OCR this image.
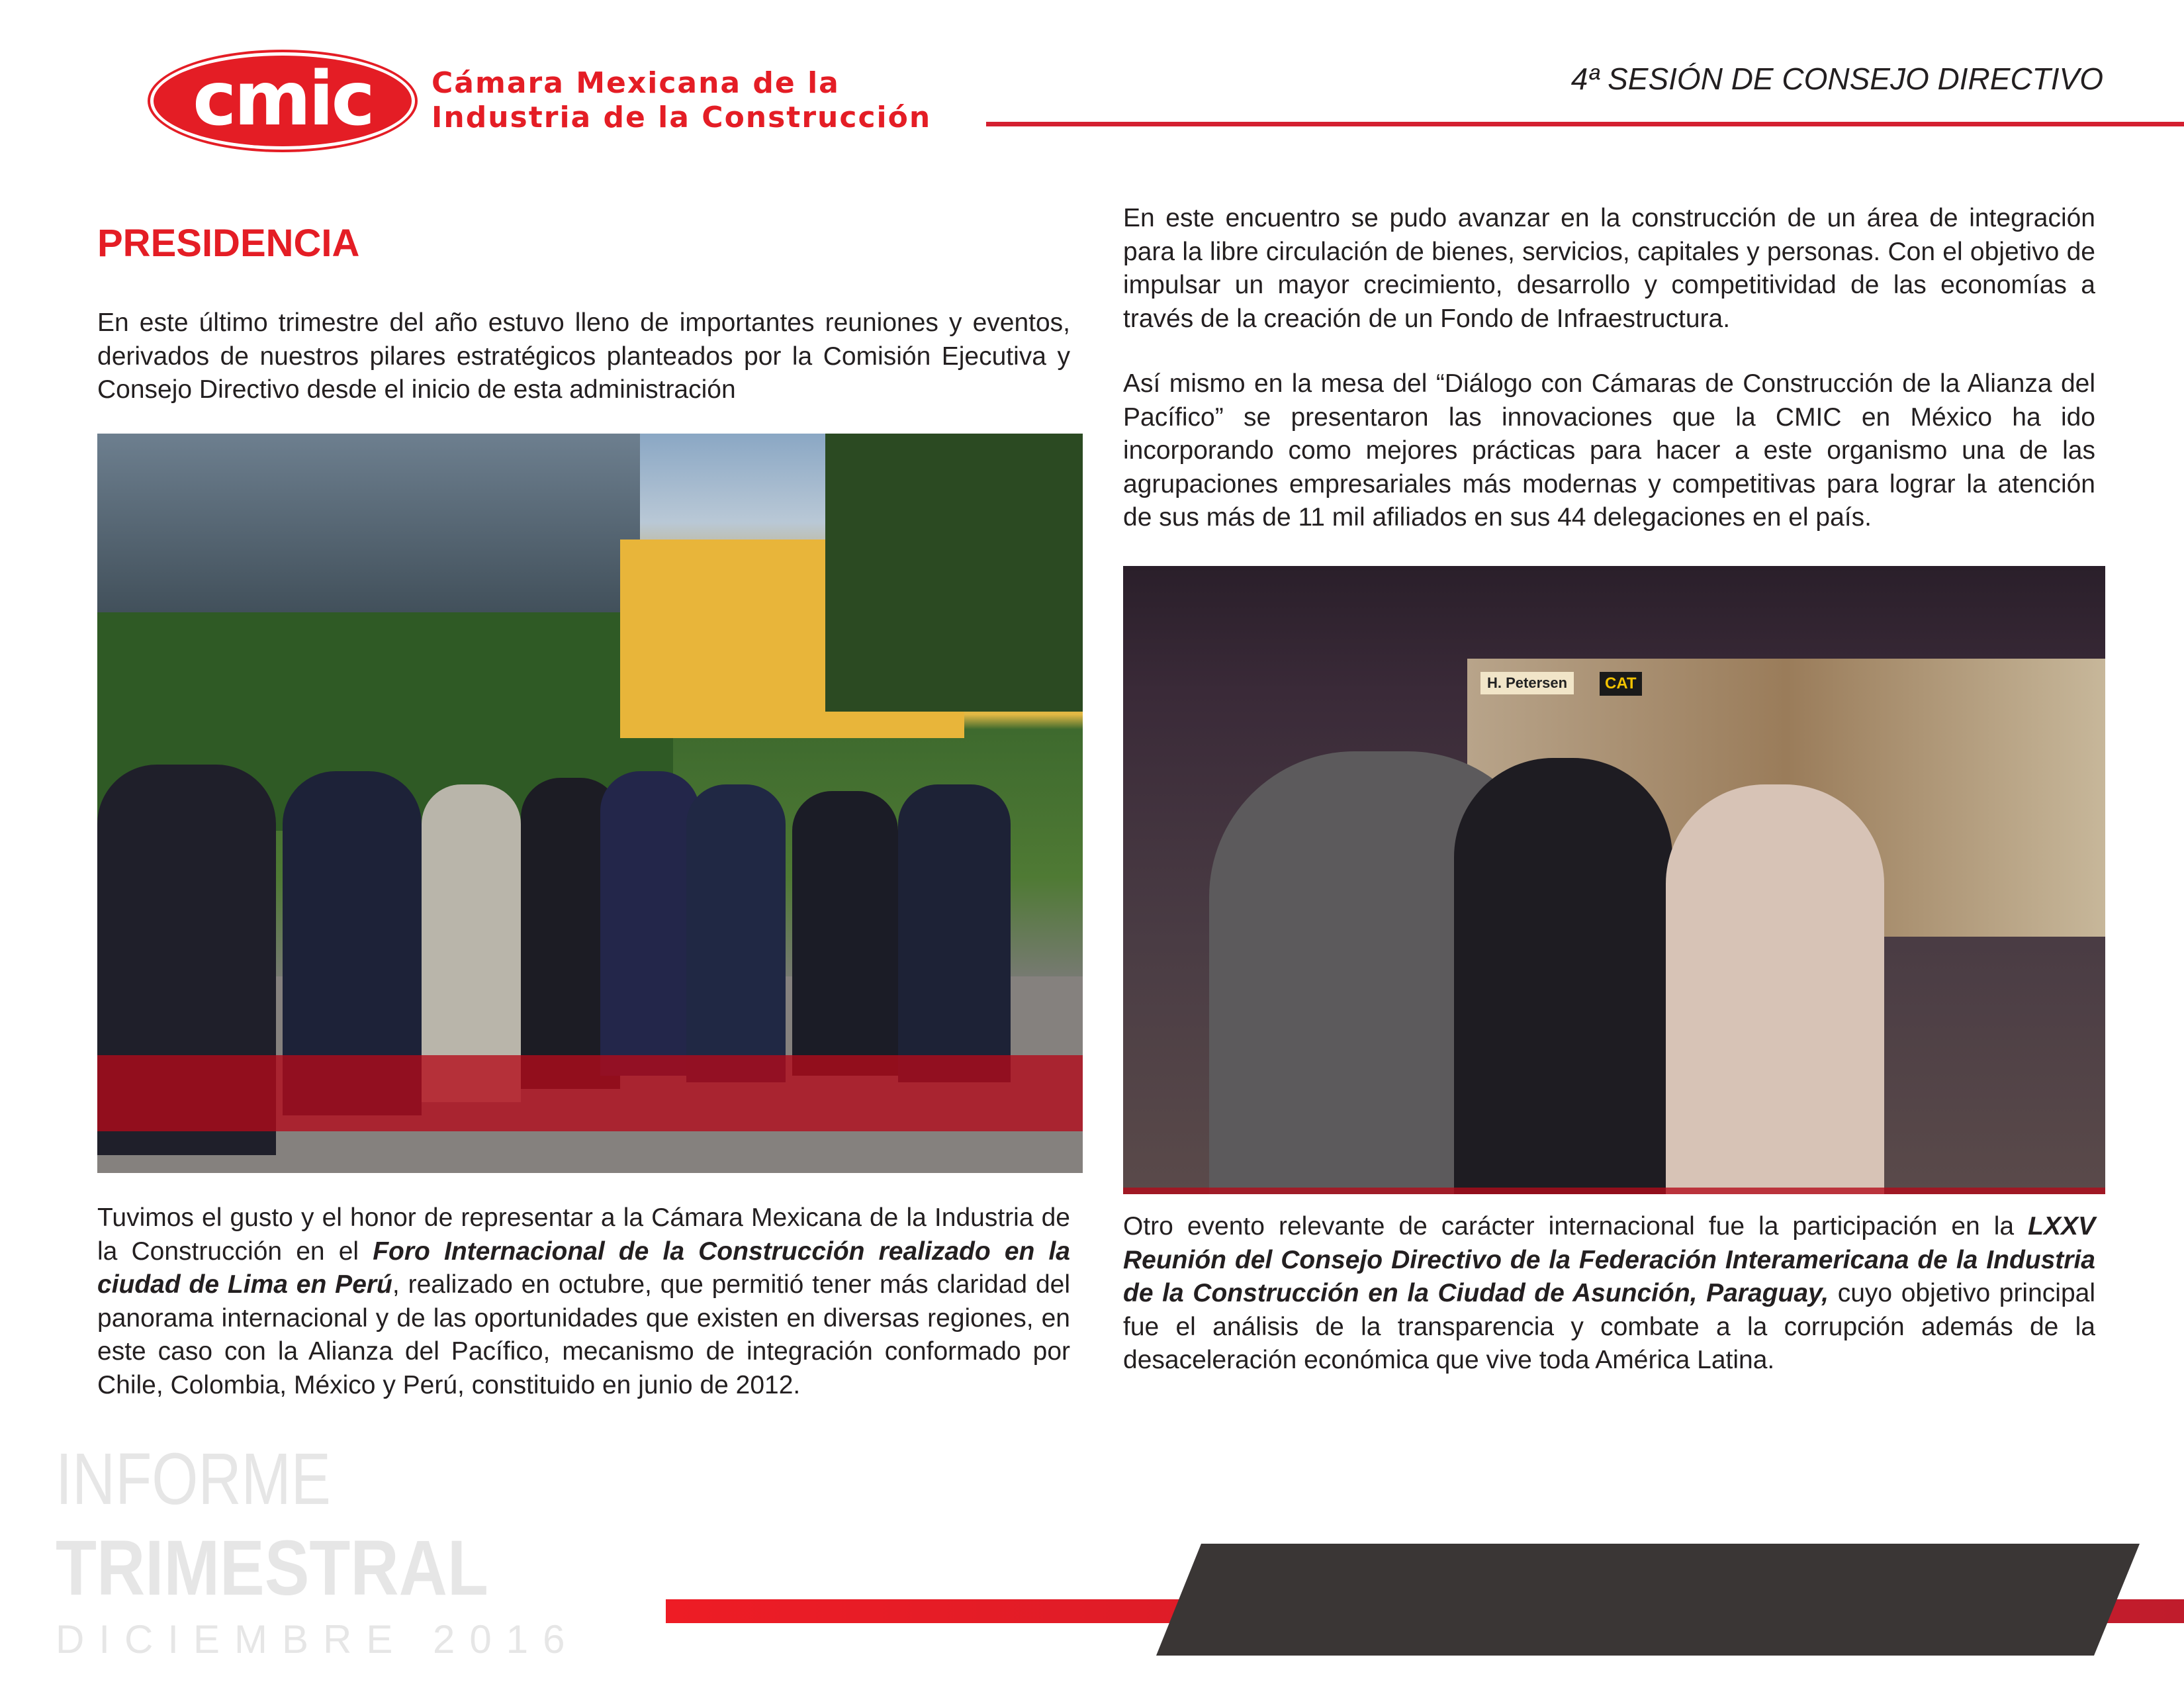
cmic	Cámara Mexicana de la
Industria de la Construcción
4ª SESIÓN DE CONSEJO DIRECTIVO
PRESIDENCIA
En este último trimestre del año estuvo lleno de importantes reuniones y eventos, derivados de nuestros pilares estratégicos planteados por la Comisión Ejecutiva y Consejo Directivo desde el inicio de esta administración
Tuvimos el gusto y el honor de representar a la Cámara Mexicana de la Industria de la Construcción en el Foro Internacional de la Construcción realizado en la ciudad de Lima en Perú, realizado en octubre, que permitió tener más claridad del panorama internacional y de las oportunidades que existen en diversas regiones, en este caso con la Alianza del Pacífico, mecanismo de integración conformado por Chile, Colombia, México y Perú, constituido en junio de 2012.
En este encuentro se pudo avanzar en la construcción de un área de integración para la libre circulación de bienes, servicios, capitales y personas. Con el objetivo de impulsar un mayor crecimiento, desarrollo y competitividad de las economías a través de la creación de un Fondo de Infraestructura.
Así mismo en la mesa del “Diálogo con Cámaras de Construcción de la Alianza del Pacífico” se presentaron las innovaciones que la CMIC en México ha ido incorporando como mejores prácticas para hacer a este organismo una de las agrupaciones empresariales más modernas y competitivas para lograr la atención de sus más de 11 mil afiliados en sus 44 delegaciones en el país.
H. Petersen	CAT
Otro evento relevante de carácter internacional fue la participación en la LXXV Reunión del Consejo Directivo de la Federación Interamericana de la Industria de la Construcción en la Ciudad de Asunción, Paraguay, cuyo objetivo principal fue el análisis de la transparencia y combate a la corrupción además de la desaceleración económica que vive toda América Latina.
INFORME
TRIMESTRAL
DICIEMBRE 2016
